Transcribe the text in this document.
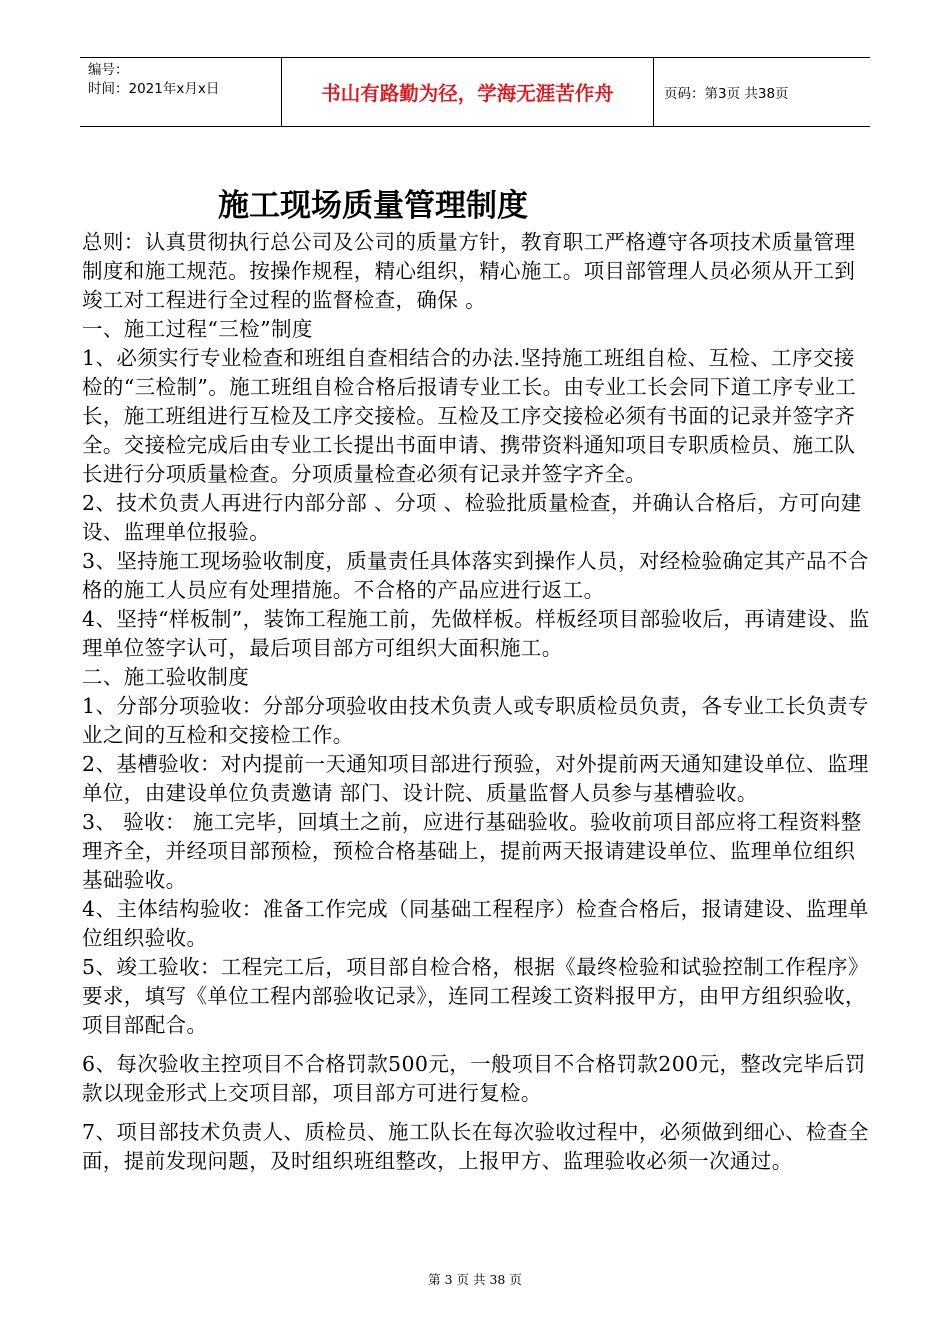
编号：
时间：2021年x月x日	书山有路勤为径，学海无涯苦作舟	页码：第3页 共38页
施工现场质量管理制度

总则：认真贯彻执行总公司及公司的质量方针，教育职工严格遵守各项技术质量管理制度和施工规范。按操作规程，精心组织，精心施工。项目部管理人员必须从开工到竣工对工程进行全过程的监督检查，确保 。

一、施工过程“三检”制度

1、必须实行专业检查和班组自查相结合的办法.坚持施工班组自检、互检、工序交接检的“三检制”。施工班组自检合格后报请专业工长。由专业工长会同下道工序专业工长，施工班组进行互检及工序交接检。互检及工序交接检必须有书面的记录并签字齐全。交接检完成后由专业工长提出书面申请、携带资料通知项目专职质检员、施工队长进行分项质量检查。分项质量检查必须有记录并签字齐全。

2、技术负责人再进行内部分部 、分项 、检验批质量检查，并确认合格后，方可向建设、监理单位报验。

3、坚持施工现场验收制度，质量责任具体落实到操作人员，对经检验确定其产品不合格的施工人员应有处理措施。不合格的产品应进行返工。

4、坚持“样板制”，装饰工程施工前，先做样板。样板经项目部验收后，再请建设、监理单位签字认可，最后项目部方可组织大面积施工。

二、施工验收制度

1、分部分项验收：分部分项验收由技术负责人或专职质检员负责，各专业工长负责专业之间的互检和交接检工作。

2、基槽验收：对内提前一天通知项目部进行预验，对外提前两天通知建设单位、监理单位，由建设单位负责邀请 部门、设计院、质量监督人员参与基槽验收。

3、 验收： 施工完毕，回填土之前，应进行基础验收。验收前项目部应将工程资料整理齐全，并经项目部预检，预检合格基础上，提前两天报请建设单位、监理单位组织基础验收。

4、主体结构验收：准备工作完成（同基础工程程序）检查合格后，报请建设、监理单位组织验收。

5、竣工验收：工程完工后，项目部自检合格，根据《最终检验和试验控制工作程序》要求，填写《单位工程内部验收记录》，连同工程竣工资料报甲方，由甲方组织验收，项目部配合。

6、每次验收主控项目不合格罚款500元，一般项目不合格罚款200元，整改完毕后罚款以现金形式上交项目部，项目部方可进行复检。

7、项目部技术负责人、质检员、施工队长在每次验收过程中，必须做到细心、检查全面，提前发现问题，及时组织班组整改，上报甲方、监理验收必须一次通过。

第 3 页 共 38 页
